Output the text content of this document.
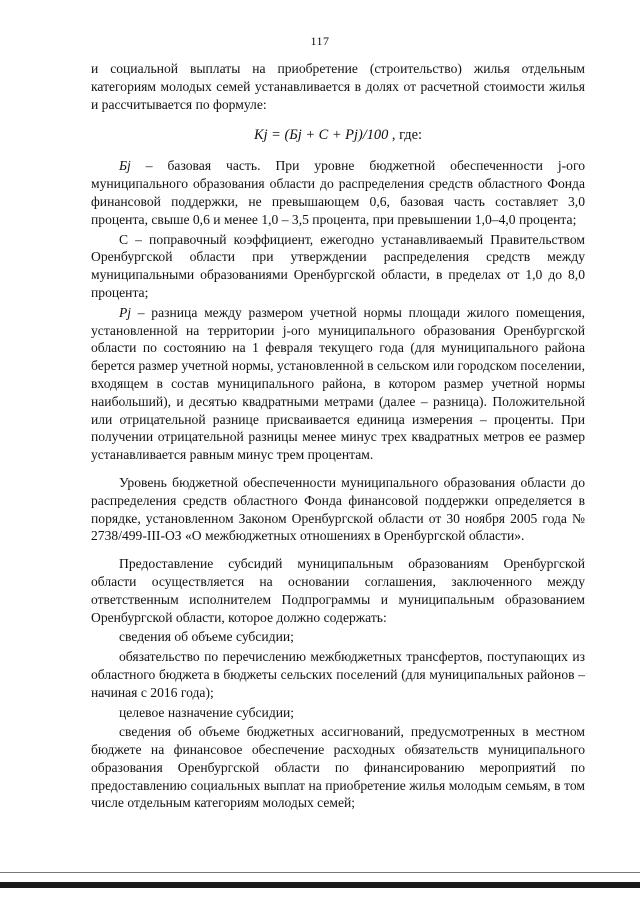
117
и социальной выплаты на приобретение (строительство) жилья отдельным категориям молодых семей устанавливается в долях от расчетной стоимости жилья и рассчитывается по формуле:
Kj = (Бj + С + Pj)/100 , где:
Бj – базовая часть. При уровне бюджетной обеспеченности j-ого муниципального образования области до распределения средств областного Фонда финансовой поддержки, не превышающем 0,6, базовая часть составляет 3,0 процента, свыше 0,6 и менее 1,0 – 3,5 процента, при превышении 1,0–4,0 процента;
С – поправочный коэффициент, ежегодно устанавливаемый Правительством Оренбургской области при утверждении распределения средств между муниципальными образованиями Оренбургской области, в пределах от 1,0 до 8,0 процента;
Pj – разница между размером учетной нормы площади жилого помещения, установленной на территории j-ого муниципального образования Оренбургской области по состоянию на 1 февраля текущего года (для муниципального района берется размер учетной нормы, установленной в сельском или городском поселении, входящем в состав муниципального района, в котором размер учетной нормы наибольший), и десятью квадратными метрами (далее – разница). Положительной или отрицательной разнице присваивается единица измерения – проценты. При получении отрицательной разницы менее минус трех квадратных метров ее размер устанавливается равным минус трем процентам.
Уровень бюджетной обеспеченности муниципального образования области до распределения средств областного Фонда финансовой поддержки определяется в порядке, установленном Законом Оренбургской области от 30 ноября 2005 года № 2738/499-III-ОЗ «О межбюджетных отношениях в Оренбургской области».
Предоставление субсидий муниципальным образованиям Оренбургской области осуществляется на основании соглашения, заключенного между ответственным исполнителем Подпрограммы и муниципальным образованием Оренбургской области, которое должно содержать:
сведения об объеме субсидии;
обязательство по перечислению межбюджетных трансфертов, поступающих из областного бюджета в бюджеты сельских поселений (для муниципальных районов – начиная с 2016 года);
целевое назначение субсидии;
сведения об объеме бюджетных ассигнований, предусмотренных в местном бюджете на финансовое обеспечение расходных обязательств муниципального образования Оренбургской области по финансированию мероприятий по предоставлению социальных выплат на приобретение жилья молодым семьям, в том числе отдельным категориям молодых семей;
